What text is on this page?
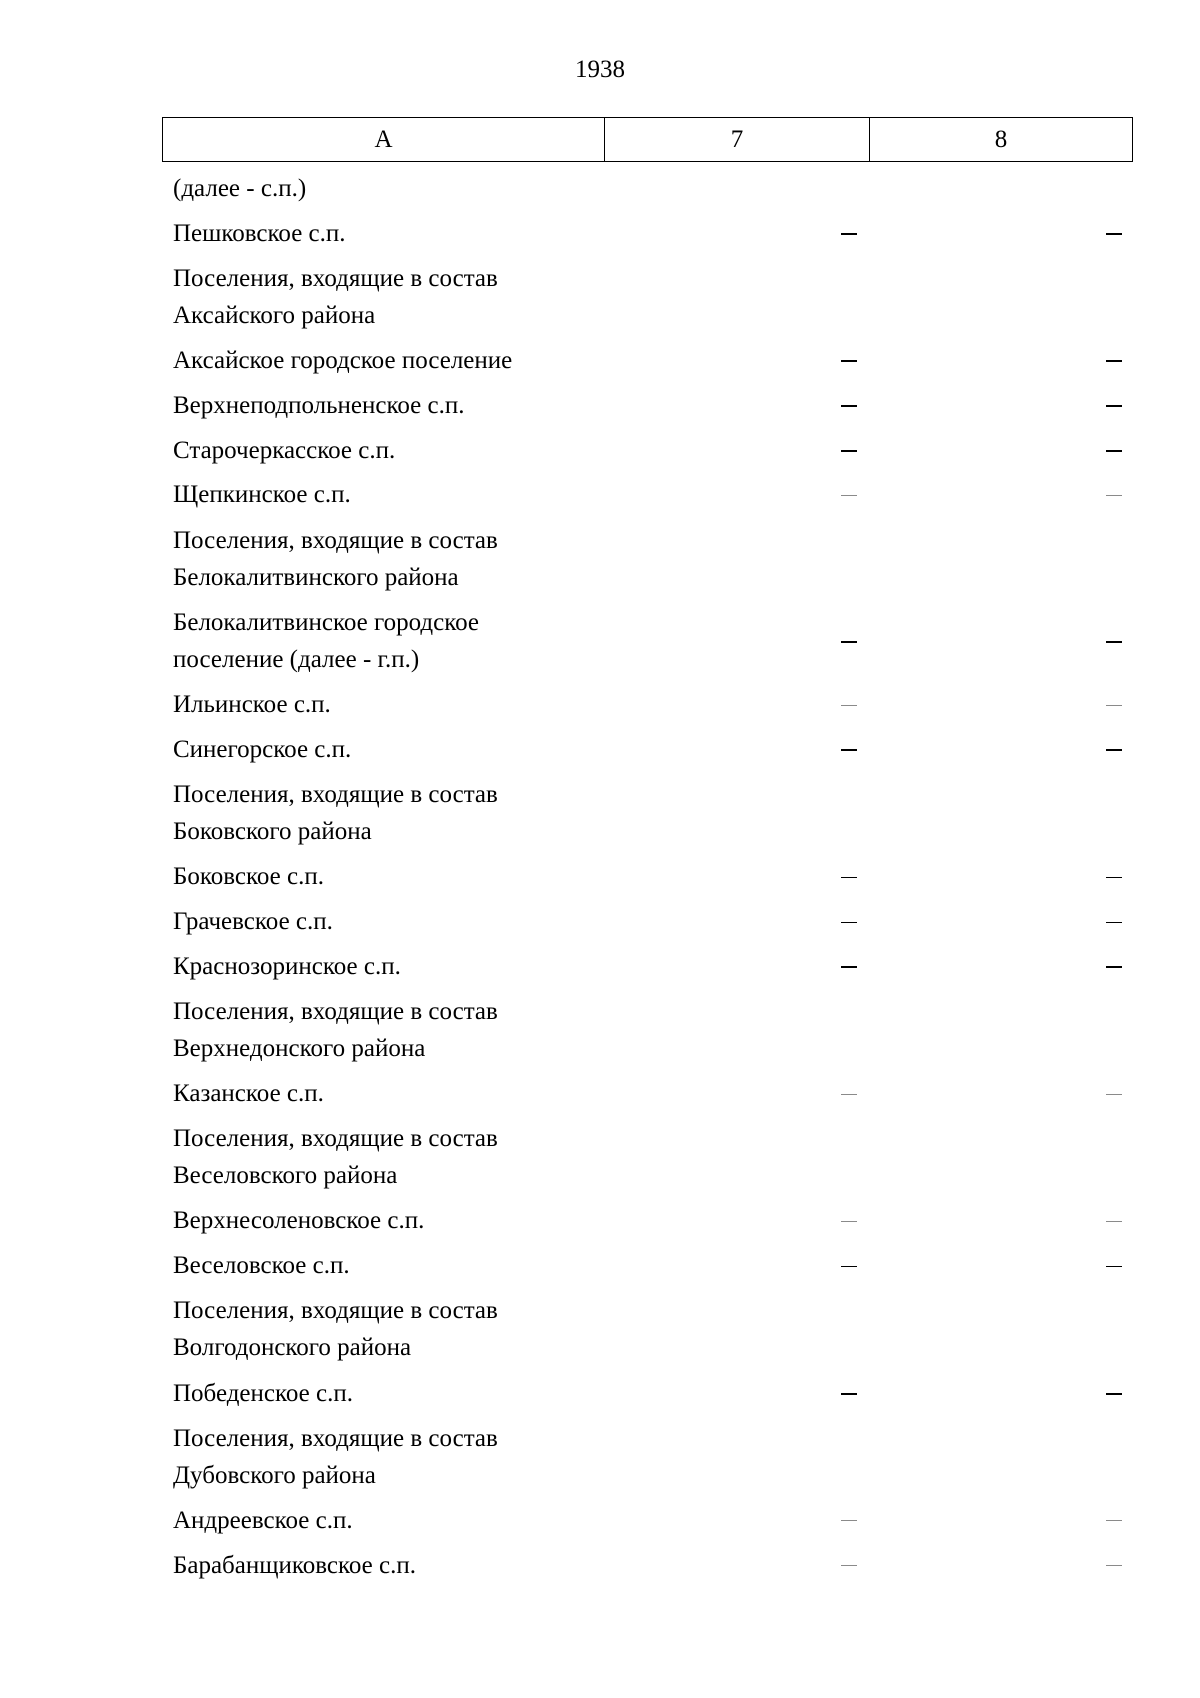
1938
А	7	8
(далее - с.п.)
Пешковское с.п.
Поселения, входящие в состав
Аксайского района
Аксайское городское поселение
Верхнеподпольненское с.п.
Старочеркасское с.п.
Щепкинское с.п.
Поселения, входящие в состав
Белокалитвинского района
Белокалитвинское городское
поселение (далее - г.п.)
Ильинское с.п.
Синегорское с.п.
Поселения, входящие в состав
Боковского района
Боковское с.п.
Грачевское с.п.
Краснозоринское с.п.
Поселения, входящие в состав
Верхнедонского района
Казанское с.п.
Поселения, входящие в состав
Веселовского района
Верхнесоленовское с.п.
Веселовское с.п.
Поселения, входящие в состав
Волгодонского района
Победенское с.п.
Поселения, входящие в состав
Дубовского района
Андреевское с.п.
Барабанщиковское с.п.
